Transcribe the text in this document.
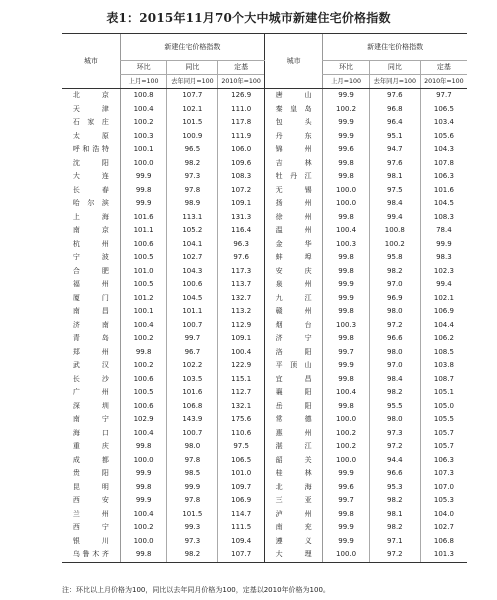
表1：2015年11月70个大中城市新建住宅价格指数
城市	新建住宅价格指数			城市	新建住宅价格指数		
	环比	同比	定基		环比	同比	定基
	上月=100	去年同月=100	2010年=100		上月=100	去年同月=100	2010年=100

北京	100.8	107.7	126.9	唐山	99.9	97.6	97.7

天津	100.4	102.1	111.0	秦皇岛	100.2	96.8	106.5

石家庄	100.2	101.5	117.8	包头	99.9	96.4	103.4

太原	100.3	100.9	111.9	丹东	99.9	95.1	105.6

呼和浩特	100.1	96.5	106.0	锦州	99.6	94.7	104.3

沈阳	100.0	98.2	109.6	吉林	99.8	97.6	107.8

大连	99.9	97.3	108.3	牡丹江	99.8	98.1	106.3

长春	99.8	97.8	107.2	无锡	100.0	97.5	101.6

哈尔滨	99.9	98.9	109.1	扬州	100.0	98.4	104.5

上海	101.6	113.1	131.3	徐州	99.8	99.4	108.3

南京	101.1	105.2	116.4	温州	100.4	100.8	78.4

杭州	100.6	104.1	96.3	金华	100.3	100.2	99.9

宁波	100.5	102.7	97.6	蚌埠	99.8	95.8	98.3

合肥	101.0	104.3	117.3	安庆	99.8	98.2	102.3

福州	100.5	100.6	113.7	泉州	99.9	97.0	99.4

厦门	101.2	104.5	132.7	九江	99.9	96.9	102.1

南昌	100.1	101.1	113.2	赣州	99.8	98.0	106.9

济南	100.4	100.7	112.9	烟台	100.3	97.2	104.4

青岛	100.2	99.7	109.1	济宁	99.8	96.6	106.2

郑州	99.8	96.7	100.4	洛阳	99.7	98.0	108.5

武汉	100.2	102.2	122.9	平顶山	99.9	97.0	103.8

长沙	100.6	103.5	115.1	宜昌	99.8	98.4	108.7

广州	100.5	101.6	112.7	襄阳	100.4	98.2	105.1

深圳	100.6	106.8	132.1	岳阳	99.8	95.5	105.0

南宁	102.9	143.9	175.6	常德	100.0	98.0	105.5

海口	100.4	100.7	110.6	惠州	100.2	97.3	105.7

重庆	99.8	98.0	97.5	湛江	100.2	97.2	105.7

成都	100.0	97.8	106.5	韶关	100.0	94.4	106.3

贵阳	99.9	98.5	101.0	桂林	99.9	96.6	107.3

昆明	99.8	99.9	109.7	北海	99.6	95.3	107.0

西安	99.9	97.8	106.9	三亚	99.7	98.2	105.3

兰州	100.4	101.5	114.7	泸州	99.8	98.1	104.0

西宁	100.2	99.3	111.5	南充	99.9	98.2	102.7

银川	100.0	97.3	109.4	遵义	99.9	97.1	106.8

乌鲁木齐	99.8	98.2	107.7	大理	100.0	97.2	101.3
注：环比以上月价格为100，同比以去年同月价格为100，定基以2010年价格为100。
